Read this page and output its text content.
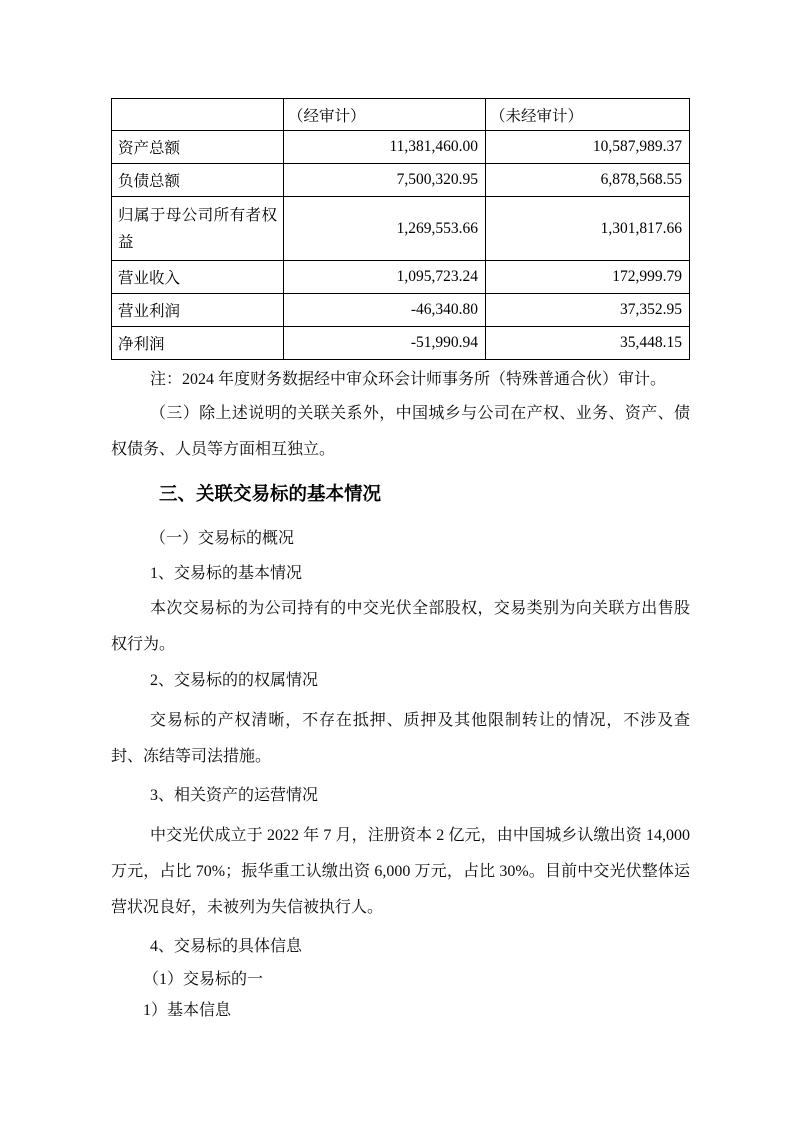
	（经审计）	（未经审计）
资产总额	11,381,460.00	10,587,989.37
负债总额	7,500,320.95	6,878,568.55
归属于母公司所有者权益	1,269,553.66	1,301,817.66
营业收入	1,095,723.24	172,999.79
营业利润	-46,340.80	37,352.95
净利润	-51,990.94	35,448.15

注：2024 年度财务数据经中审众环会计师事务所（特殊普通合伙）审计。

（三）除上述说明的关联关系外，中国城乡与公司在产权、业务、资产、债权债务、人员等方面相互独立。

三、关联交易标的基本情况

（一）交易标的概况

1、交易标的基本情况

本次交易标的为公司持有的中交光伏全部股权，交易类别为向关联方出售股权行为。

2、交易标的的权属情况

交易标的产权清晰，不存在抵押、质押及其他限制转让的情况，不涉及查封、冻结等司法措施。

3、相关资产的运营情况

中交光伏成立于 2022 年 7 月，注册资本 2 亿元，由中国城乡认缴出资 14,000 万元，占比 70%；振华重工认缴出资 6,000 万元，占比 30%。目前中交光伏整体运营状况良好，未被列为失信被执行人。

4、交易标的具体信息

（1）交易标的一

1）基本信息
